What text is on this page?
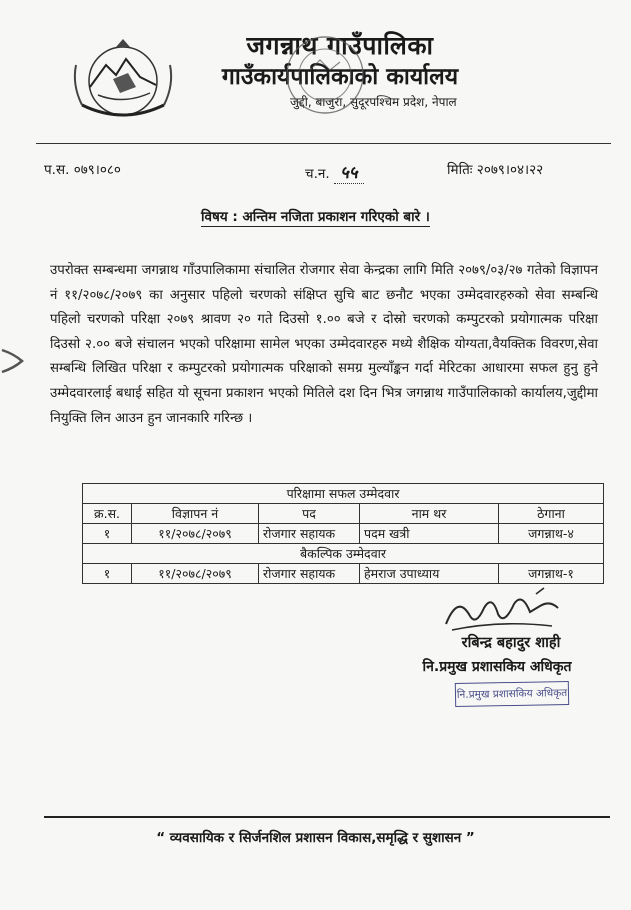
जगन्नाथ गाउँपालिका
गाउँकार्यपालिकाको कार्यालय
जुद्दी, बाजुरा, सुदूरपश्चिम प्रदेश, नेपाल
प.स. ०७९।०८०	च.न. ५५	मितिः २०७९।०४।२२
विषय : अन्तिम नजिता प्रकाशन गरिएको बारे ।
उपरोक्त सम्बन्धमा जगन्नाथ गाँउपालिकामा संचालित रोजगार सेवा केन्द्रका लागि मिति २०७९/०३/२७ गतेको विज्ञापन नं ११/२०७८/२०७९ का अनुसार पहिलो चरणको संक्षिप्त सुचि बाट छनौट भएका उम्मेदवारहरुको सेवा सम्बन्धि पहिलो चरणको परिक्षा २०७९ श्रावण २० गते दिउसो १.०० बजे र दोस्रो चरणको कम्पुटरको प्रयोगात्मक परिक्षा दिउसो २.०० बजे संचालन भएको परिक्षामा सामेल भएका उम्मेदवारहरु मध्ये शैक्षिक योग्यता,वैयक्तिक विवरण,सेवा सम्बन्धि लिखित परिक्षा र कम्पुटरको प्रयोगात्मक परिक्षाको समग्र मुल्याँङ्कन गर्दा मेरिटका आधारमा सफल हुनु हुने उम्मेदवारलाई बधाई सहित यो सूचना प्रकाशन भएको मितिले दश दिन भित्र जगन्नाथ गाउँपालिकाको कार्यालय,जुद्दीमा नियुक्ति लिन आउन हुन जानकारि गरिन्छ ।
परिक्षामा सफल उम्मेदवार				
क्र.स.	विज्ञापन नं	पद	नाम थर	ठेगाना
१	११/२०७८/२०७९	रोजगार सहायक	पदम खत्री	जगन्नाथ-४
बैकल्पिक उम्मेदवार				
१	११/२०७८/२०७९	रोजगार सहायक	हेमराज उपाध्याय	जगन्नाथ-१
रबिन्द्र बहादुर शाही
नि.प्रमुख प्रशासकिय अधिकृत
नि.प्रमुख प्रशासकिय अधिकृत
“ व्यवसायिक र सिर्जनशिल प्रशासन विकास,समृद्धि र सुशासन ”
